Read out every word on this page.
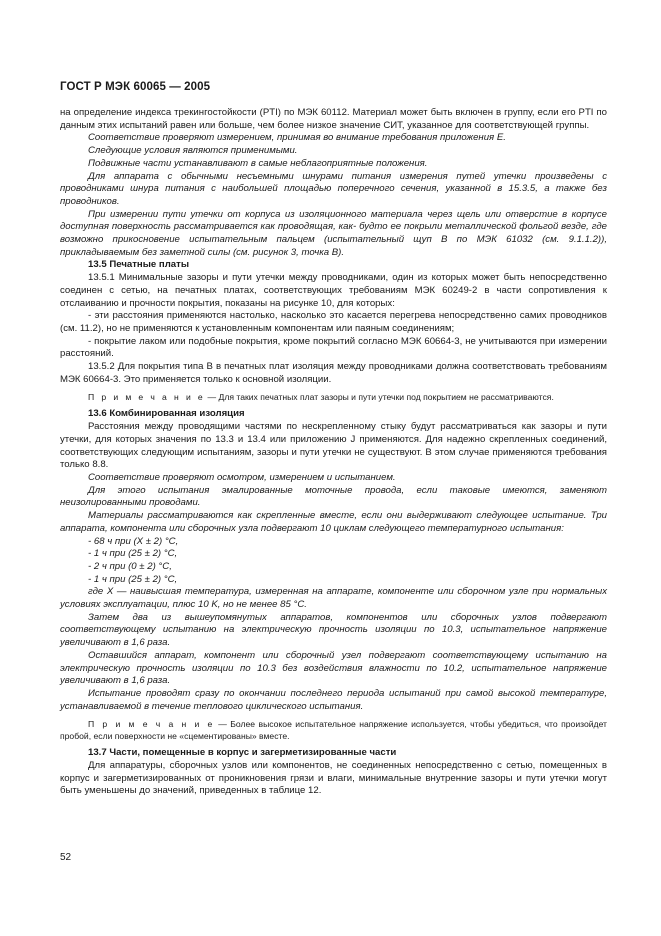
ГОСТ Р МЭК 60065 — 2005

на определение индекса трекингостойкости (PTI) по МЭК 60112. Материал может быть включен в группу, если его PTI по данным этих испытаний равен или больше, чем более низкое значение СИТ, указанное для соответствующей группы.

Соответствие проверяют измерением, принимая во внимание требования приложения E.

Следующие условия являются применимыми.

Подвижные части устанавливают в самые неблагоприятные положения.

Для аппарата с обычными несъемными шнурами питания измерения путей утечки произведены с проводниками шнура питания с наибольшей площадью поперечного сечения, указанной в 15.3.5, а также без проводников.

При измерении пути утечки от корпуса из изоляционного материала через щель или отверстие в корпусе доступная поверхность рассматривается как проводящая, как- будто ее покрыли металлической фольгой везде, где возможно прикосновение испытательным пальцем (испытательный щуп B по МЭК 61032 (см. 9.1.1.2)), прикладываемым без заметной силы (см. рисунок 3, точка B).

13.5 Печатные платы

13.5.1 Минимальные зазоры и пути утечки между проводниками, один из которых может быть непосредственно соединен с сетью, на печатных платах, соответствующих требованиям МЭК 60249-2 в части сопротивления к отслаиванию и прочности покрытия, показаны на рисунке 10, для которых:

- эти расстояния применяются настолько, насколько это касается перегрева непосредственно самих проводников (см. 11.2), но не применяются к установленным компонентам или паяным соединениям;

- покрытие лаком или подобные покрытия, кроме покрытий согласно МЭК 60664-3, не учитываются при измерении расстояний.

13.5.2 Для покрытия типа B в печатных плат изоляция между проводниками должна соответствовать требованиям МЭК 60664-3. Это применяется только к основной изоляции.

П р и м е ч а н и е — Для таких печатных плат зазоры и пути утечки под покрытием не рассматриваются.

13.6 Комбинированная изоляция

Расстояния между проводящими частями по нескрепленному стыку будут рассматриваться как зазоры и пути утечки, для которых значения по 13.3 и 13.4 или приложению J применяются. Для надежно скрепленных соединений, соответствующих следующим испытаниям, зазоры и пути утечки не существуют. В этом случае применяются требования только 8.8.

Соответствие проверяют осмотром, измерением и испытанием.

Для этого испытания эмалированные моточные провода, если таковые имеются, заменяют неизолированными проводами.

Материалы рассматриваются как скрепленные вместе, если они выдерживают следующее испытание. Три аппарата, компонента или сборочных узла подвергают 10 циклам следующего температурного испытания:

- 68 ч при (X ± 2) °C,

- 1 ч при (25 ± 2) °C,

- 2 ч при (0 ± 2) °C,

- 1 ч при (25 ± 2) °C,

где X — наивысшая температура, измеренная на аппарате, компоненте или сборочном узле при нормальных условиях эксплуатации, плюс 10 K, но не менее 85 °C.

Затем два из вышеупомянутых аппаратов, компонентов или сборочных узлов подвергают соответствующему испытанию на электрическую прочность изоляции по 10.3, испытательное напряжение увеличивают в 1,6 раза.

Оставшийся аппарат, компонент или сборочный узел подвергают соответствующему испытанию на электрическую прочность изоляции по 10.3 без воздействия влажности по 10.2, испытательное напряжение увеличивают в 1,6 раза.

Испытание проводят сразу по окончании последнего периода испытаний при самой высокой температуре, устанавливаемой в течение теплового циклического испытания.

П р и м е ч а н и е — Более высокое испытательное напряжение используется, чтобы убедиться, что произойдет пробой, если поверхности не «сцементированы» вместе.

13.7 Части, помещенные в корпус и загерметизированные части

Для аппаратуры, сборочных узлов или компонентов, не соединенных непосредственно с сетью, помещенных в корпус и загерметизированных от проникновения грязи и влаги, минимальные внутренние зазоры и пути утечки могут быть уменьшены до значений, приведенных в таблице 12.

52
